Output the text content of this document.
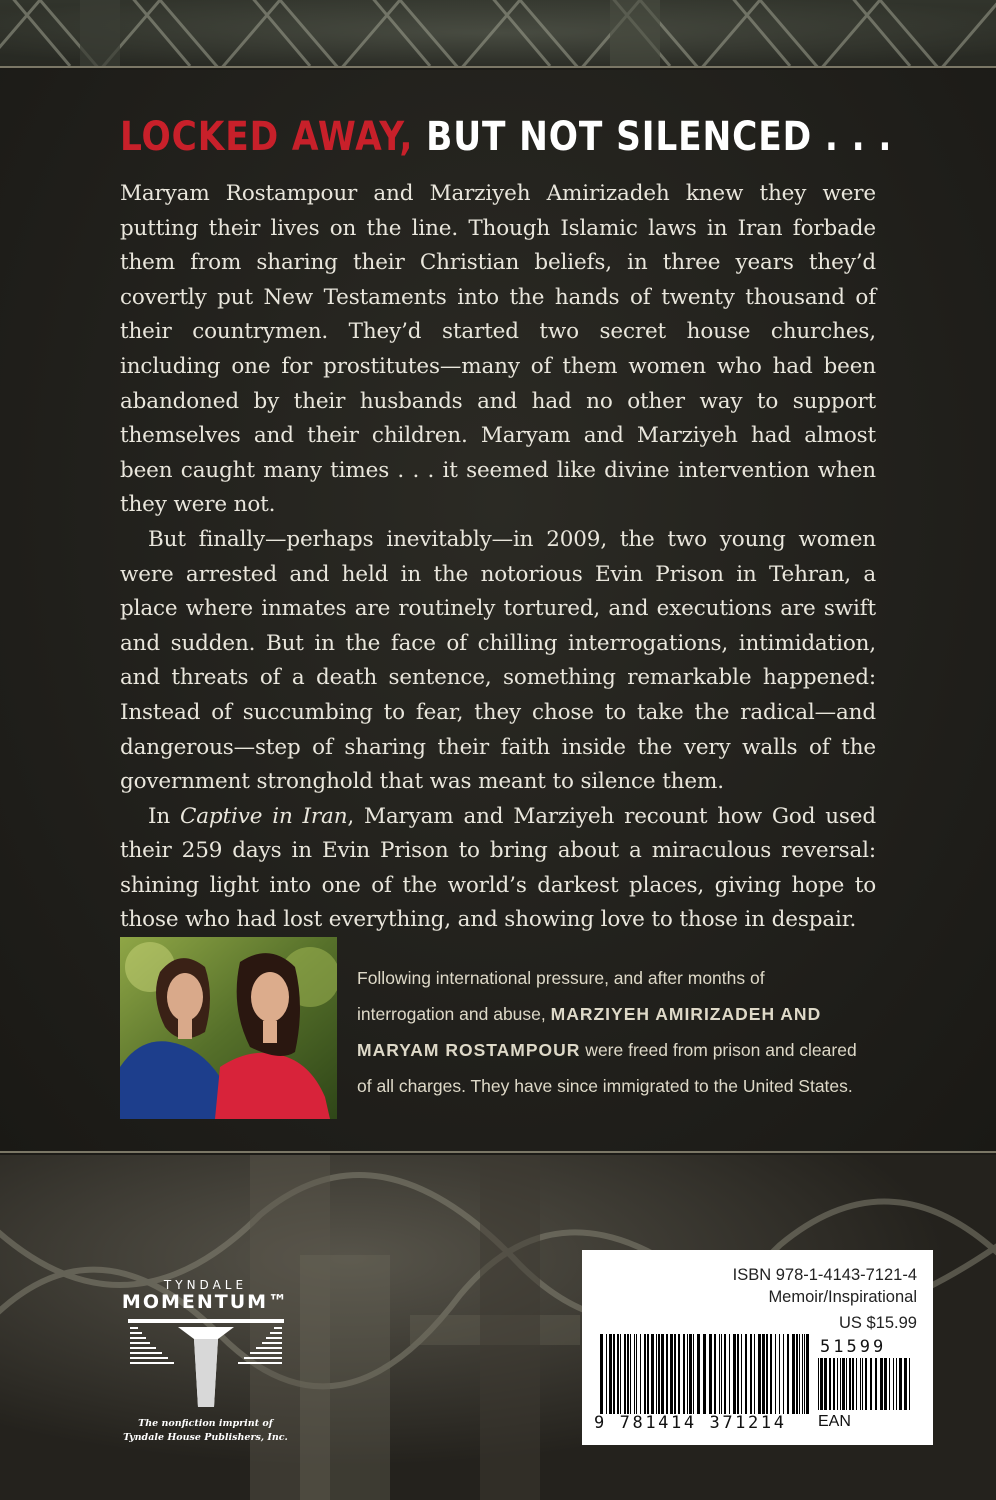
LOCKED AWAY, BUT NOT SILENCED . . .

Maryam Rostampour and Marziyeh Amirizadeh knew they were putting their lives on the line. Though Islamic laws in Iran forbade them from sharing their Christian beliefs, in three years they’d covertly put New Testaments into the hands of twenty thousand of their countrymen. They’d started two secret house churches, including one for prostitutes—many of them women who had been abandoned by their husbands and had no other way to support themselves and their children. Maryam and Marziyeh had almost been caught many times . . . it seemed like divine intervention when they were not.

But finally—perhaps inevitably—in 2009, the two young women were arrested and held in the notorious Evin Prison in Tehran, a place where inmates are routinely tortured, and executions are swift and sudden. But in the face of chilling interrogations, intimidation, and threats of a death sentence, something remarkable happened: Instead of succumbing to fear, they chose to take the radical—and dangerous—step of sharing their faith inside the very walls of the government stronghold that was meant to silence them.

In Captive in Iran, Maryam and Marziyeh recount how God used their 259 days in Evin Prison to bring about a miraculous reversal: shining light into one of the world’s darkest places, giving hope to those who had lost everything, and showing love to those in despair.

Following international pressure, and after months of interrogation and abuse, MARZIYEH AMIRIZADEH AND MARYAM ROSTAMPOUR were freed from prison and cleared of all charges. They have since immigrated to the United States.
TYNDALE
MOMENTUM™
The nonfiction imprint of
Tyndale House Publishers, Inc.
ISBN 978-1-4143-7121-4
Memoir/Inspirational
US $15.99
51599
9 781414 371214 EAN
